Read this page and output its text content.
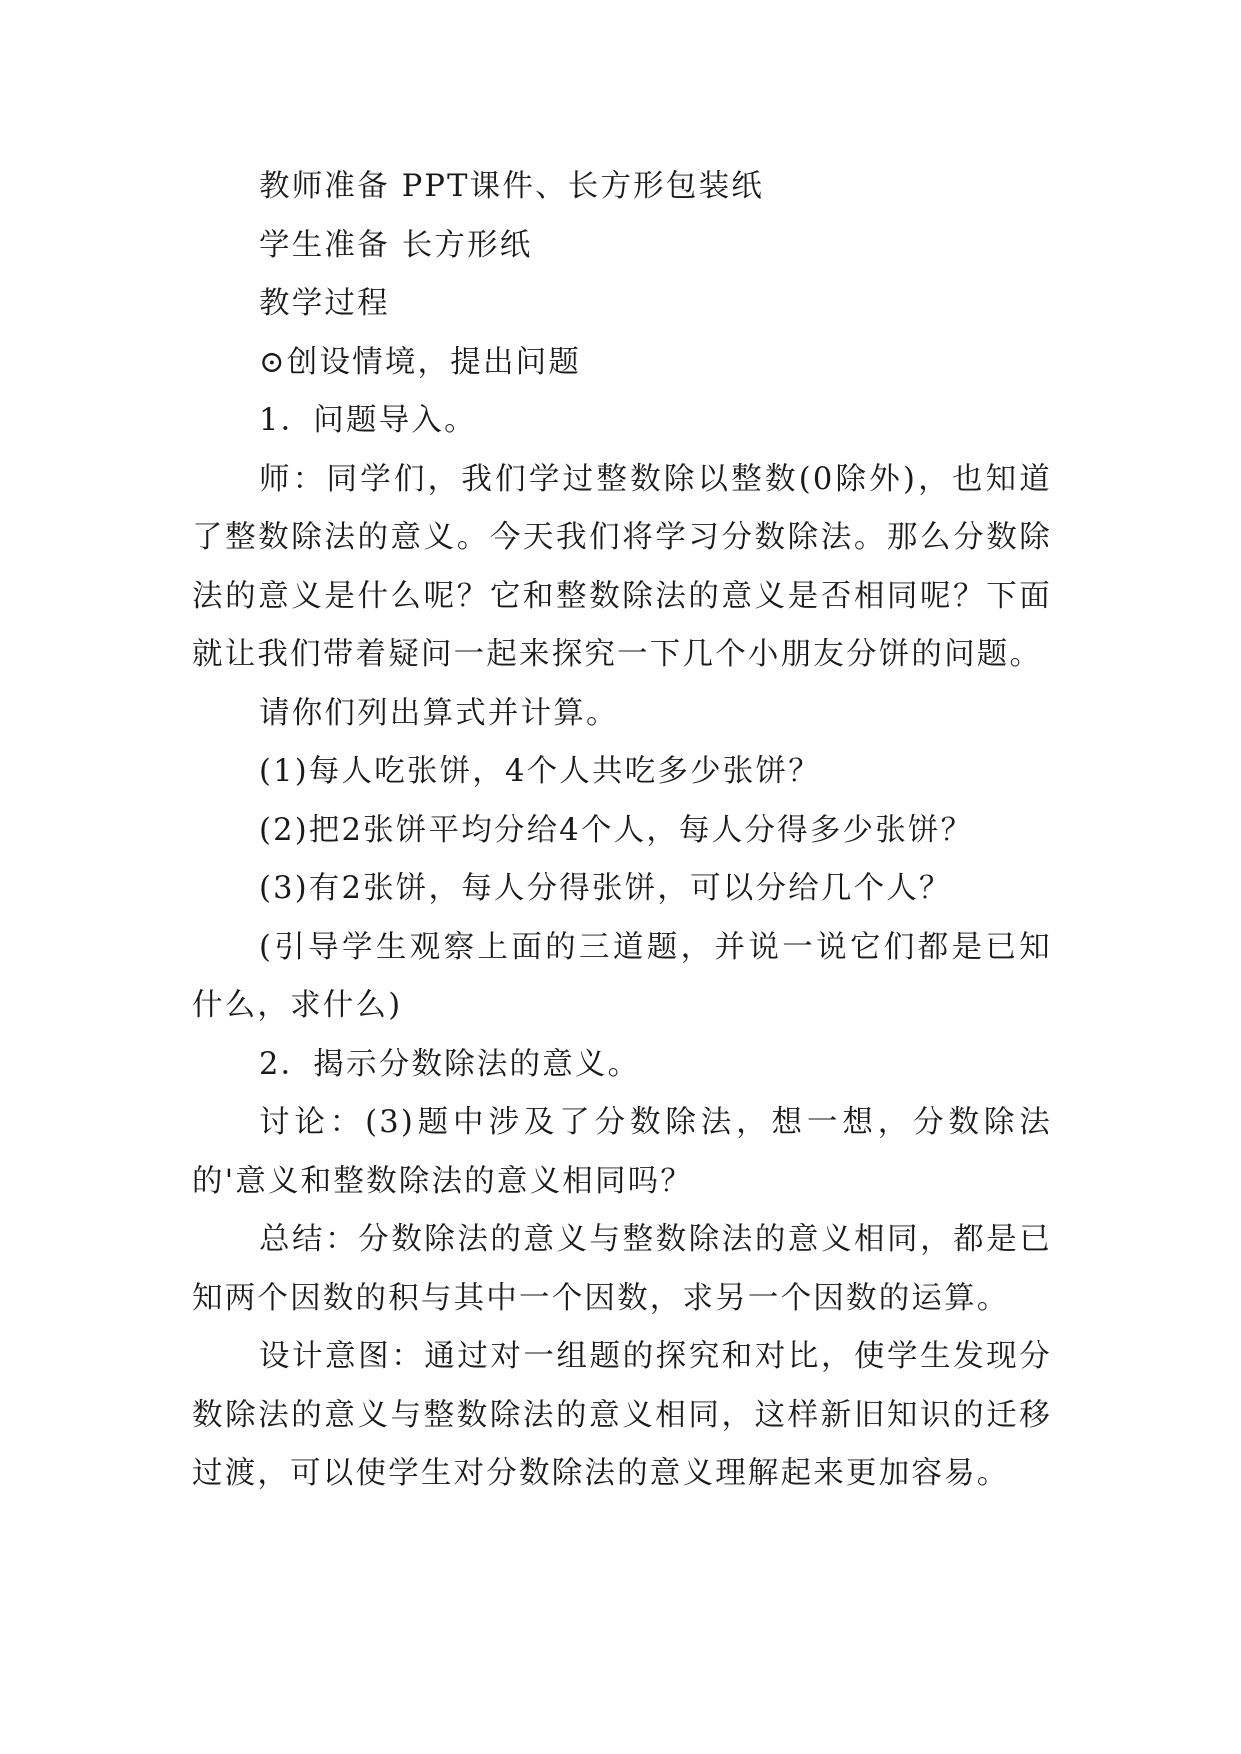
教师准备 PPT课件、长方形包装纸

学生准备 长方形纸

教学过程

⊙创设情境，提出问题

1．问题导入。

师：同学们，我们学过整数除以整数(0除外)，也知道了整数除法的意义。今天我们将学习分数除法。那么分数除法的意义是什么呢？它和整数除法的意义是否相同呢？下面就让我们带着疑问一起来探究一下几个小朋友分饼的问题。

请你们列出算式并计算。

(1)每人吃张饼，4个人共吃多少张饼？

(2)把2张饼平均分给4个人，每人分得多少张饼？

(3)有2张饼，每人分得张饼，可以分给几个人？

(引导学生观察上面的三道题，并说一说它们都是已知什么，求什么)

2．揭示分数除法的意义。

讨论：(3)题中涉及了分数除法，想一想，分数除法的'意义和整数除法的意义相同吗？

总结：分数除法的意义与整数除法的意义相同，都是已知两个因数的积与其中一个因数，求另一个因数的运算。

设计意图：通过对一组题的探究和对比，使学生发现分数除法的意义与整数除法的意义相同，这样新旧知识的迁移过渡，可以使学生对分数除法的意义理解起来更加容易。
